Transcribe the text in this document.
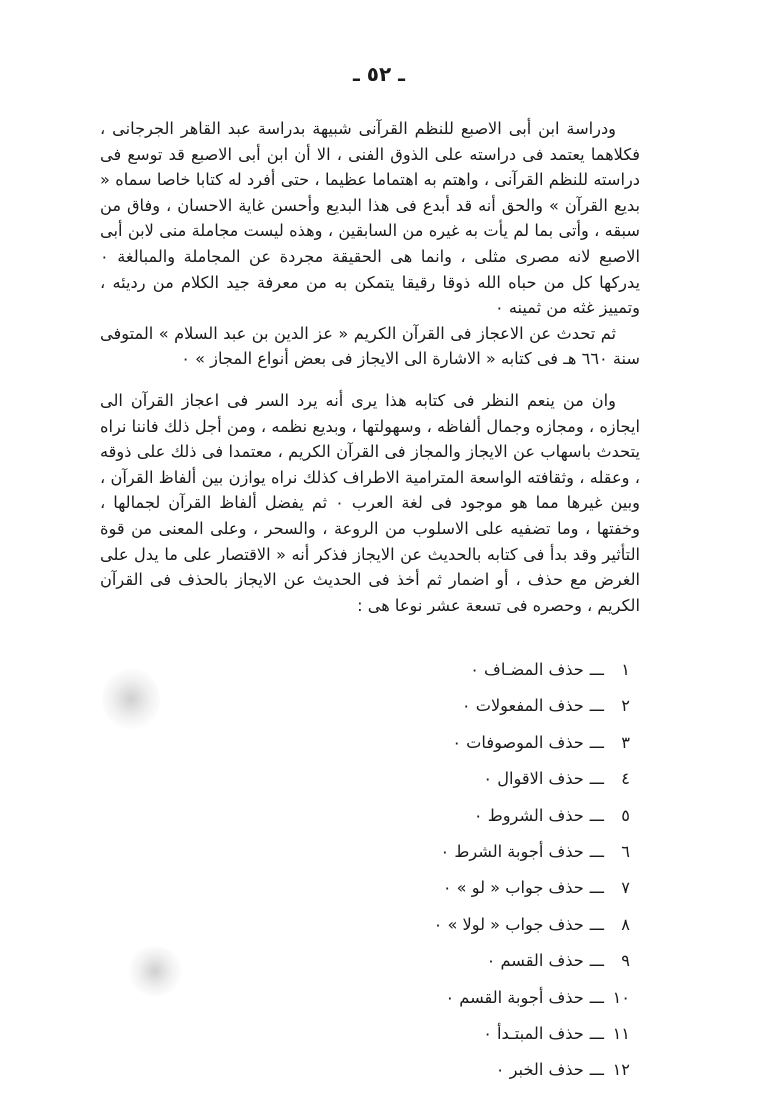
ـ ٥٢ ـ

ودراسة ابن أبى الاصبع للنظم القرآنى شبيهة بدراسة عبد القاهر الجرجانى ، فكلاهما يعتمد فى دراسته على الذوق الفنى ، الا أن ابن أبى الاصبع قد توسع فى دراسته للنظم القرآنى ، واهتم به اهتماما عظيما ، حتى أفرد له كتابا خاصا سماه « بديع القرآن » والحق أنه قد أبدع فى هذا البديع وأحسن غاية الاحسان ، وفاق من سبقه ، وأتى بما لم يأت به غيره من السابقين ، وهذه ليست مجاملة منى لابن أبى الاصبع لانه مصرى مثلى ، وانما هى الحقيقة مجردة عن المجاملة والمبالغة ٠ يدركها كل من حباه الله ذوقا رقيقا يتمكن به من معرفة جيد الكلام من رديئه ، وتمييز غثه من ثمينه ٠

ثم تحدث عن الاعجاز فى القرآن الكريم « عز الدين بن عبد السلام » المتوفى سنة ٦٦٠ هـ فى كتابه « الاشارة الى الايجاز فى بعض أنواع المجاز » ٠

وان من ينعم النظر فى كتابه هذا يرى أنه يرد السر فى اعجاز القرآن الى ايجازه ، ومجازه وجمال ألفاظه ، وسهولتها ، وبديع نظمه ، ومن أجل ذلك فاننا نراه يتحدث باسهاب عن الايجاز والمجاز فى القرآن الكريم ، معتمدا فى ذلك على ذوقه ، وعقله ، وثقافته الواسعة المترامية الاطراف كذلك نراه يوازن بين ألفاظ القرآن ، وبين غيرها مما هو موجود فى لغة العرب ٠ ثم يفضل ألفاظ القرآن لجمالها ، وخفتها ، وما تضفيه على الاسلوب من الروعة ، والسحر ، وعلى المعنى من قوة التأثير وقد بدأ فى كتابه بالحديث عن الايجاز فذكر أنه « الاقتصار على ما يدل على الغرض مع حذف ، أو اضمار ثم أخذ فى الحديث عن الايجاز بالحذف فى القرآن الكريم ، وحصره فى تسعة عشر نوعا هى :

١ـــحذف المضـاف ٠
٢ـــحذف المفعولات ٠
٣ـــحذف الموصوفات ٠
٤ـــحذف الاقوال ٠
٥ـــحذف الشروط ٠
٦ـــحذف أجوبة الشرط ٠
٧ـــحذف جواب « لو » ٠
٨ـــحذف جواب « لولا » ٠
٩ـــحذف القسم ٠
١٠ـــحذف أجوبة القسم ٠
١١ـــحذف المبتـدأ ٠
١٢ـــحذف الخبر ٠
